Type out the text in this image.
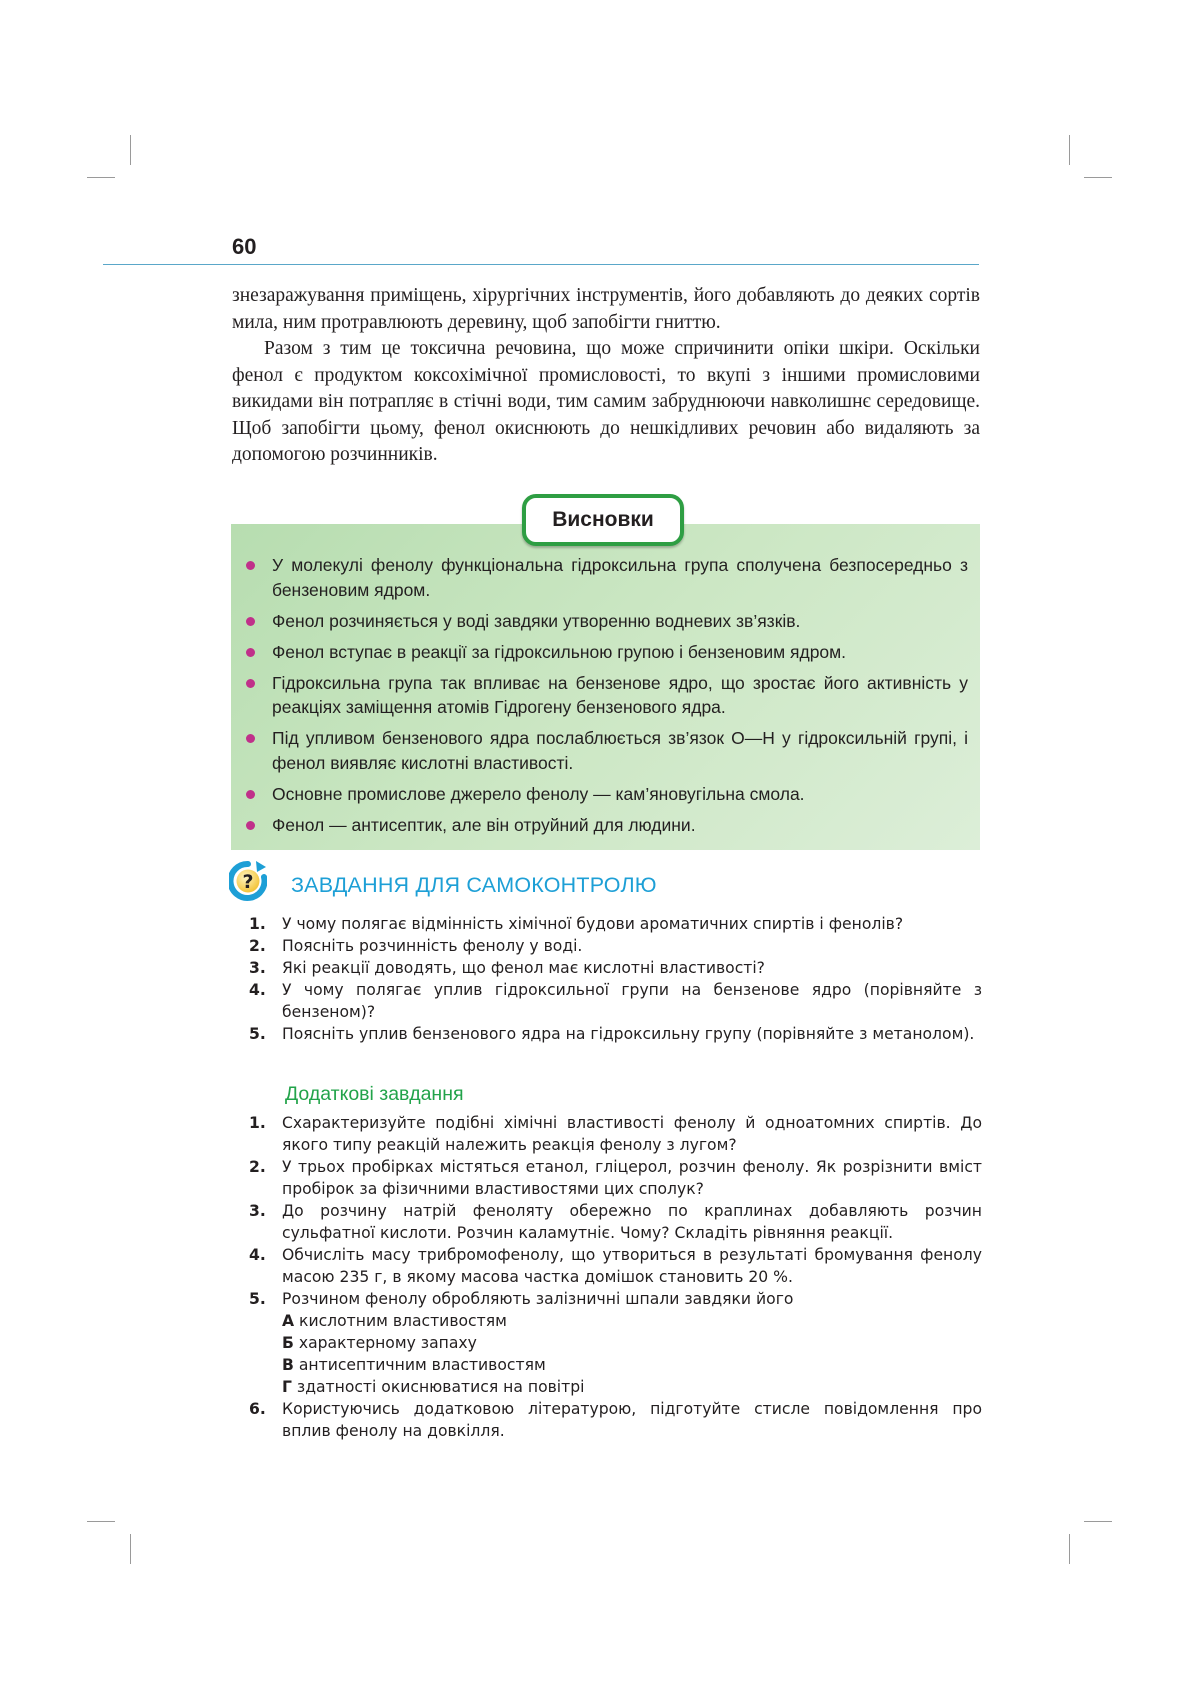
60

знезаражування приміщень, хірургічних інструментів, його добавляють до деяких сортів мила, ним протравлюють деревину, щоб запобігти гниттю.

Разом з тим це токсична речовина, що може спричинити опіки шкіри. Оскільки фенол є продуктом коксохімічної промисловості, то вкупі з іншими промисловими викидами він потрапляє в стічні води, тим самим забруднюючи навколишнє середовище. Щоб запобігти цьому, фенол окиснюють до нешкідливих речовин або видаляють за допомогою розчинників.

Висновки
У молекулі фенолу функціональна гідроксильна група сполучена безпосередньо з бензеновим ядром.
Фенол розчиняється у воді завдяки утворенню водневих зв’язків.
Фенол вступає в реакції за гідроксильною групою і бензеновим ядром.
Гідроксильна група так впливає на бензенове ядро, що зростає його активність у реакціях заміщення атомів Гідрогену бензенового ядра.
Під упливом бензенового ядра послаблюється зв’язок О—Н у гідроксильній групі, і фенол виявляє кислотні властивості.
Основне промислове джерело фенолу — кам’яновугільна смола.
Фенол — антисептик, але він отруйний для людини.
? ЗАВДАННЯ ДЛЯ САМОКОНТРОЛЮ
1. У чому полягає відмінність хімічної будови ароматичних спиртів і фенолів?
2. Поясніть розчинність фенолу у воді.
3. Які реакції доводять, що фенол має кислотні властивості?
4. У чому полягає уплив гідроксильної групи на бензенове ядро (порівняйте з бензеном)?
5. Поясніть уплив бензенового ядра на гідроксильну групу (порівняйте з метанолом).
Додаткові завдання
1. Схарактеризуйте подібні хімічні властивості фенолу й одноатомних спиртів. До якого типу реакцій належить реакція фенолу з лугом?
2. У трьох пробірках містяться етанол, гліцерол, розчин фенолу. Як розрізнити вміст пробірок за фізичними властивостями цих сполук?
3. До розчину натрій феноляту обережно по краплинах добавляють розчин сульфатної кислоти. Розчин каламутніє. Чому? Складіть рівняння реакції.
4. Обчисліть масу трибромофенолу, що утвориться в результаті бромування фенолу масою 235 г, в якому масова частка домішок становить 20 %.
5. Розчином фенолу обробляють залізничні шпали завдяки його
А кислотним властивостям
Б характерному запаху
В антисептичним властивостям
Г здатності окиснюватися на повітрі
6. Користуючись додатковою літературою, підготуйте стисле повідомлення про вплив фенолу на довкілля.
